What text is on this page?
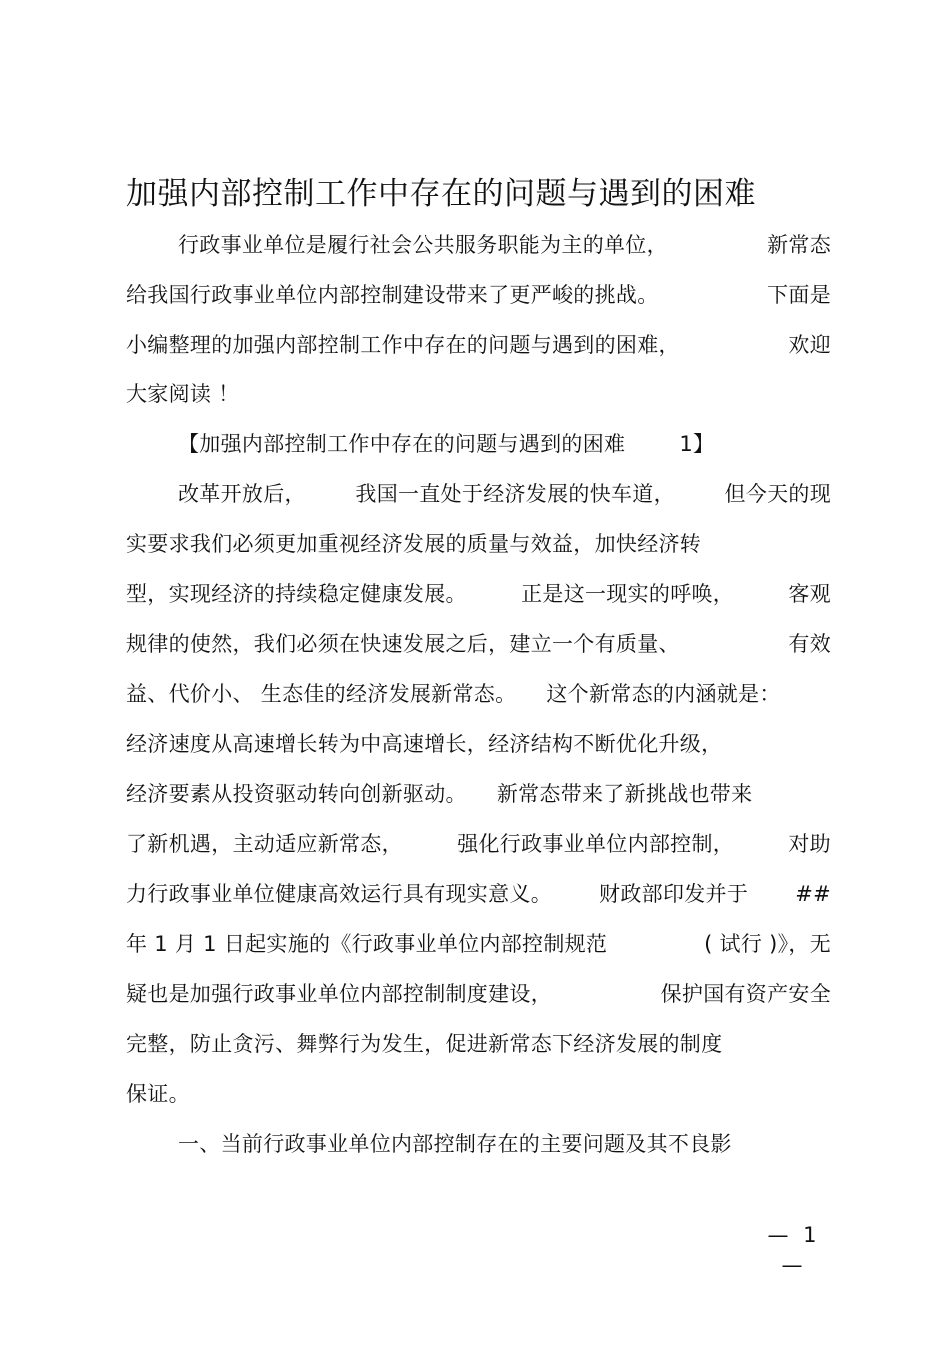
加强内部控制工作中存在的问题与遇到的困难
行政事业单位是履行社会公共服务职能为主的单位，	新常态
给我国行政事业单位内部控制建设带来了更严峻的挑战。	下面是
小编整理的加强内部控制工作中存在的问题与遇到的困难，	欢迎
大家阅读 ！
【加强内部控制工作中存在的问题与遇到的困难	1】
改革开放后， 我国一直处于经济发展的快车道， 但今天的现
实要求我们必须更加重视经济发展的质量与效益，加快经济转
型，实现经济的持续稳定健康发展。	正是这一现实的呼唤，	客观
规律的使然，我们必须在快速发展之后，建立一个有质量、	有效
益、代价小、 生态佳的经济发展新常态。 这个新常态的内涵就是：
经济速度从高速增长转为中高速增长，经济结构不断优化升级，
经济要素从投资驱动转向创新驱动。 新常态带来了新挑战也带来
了新机遇，主动适应新常态，	强化行政事业单位内部控制，	对助
力行政事业单位健康高效运行具有现实意义。 财政部印发并于 ##
年 1 月 1 日起实施的《行政事业单位内部控制规范	( 试行 )》，无
疑也是加强行政事业单位内部控制制度建设，	保护国有资产安全
完整，防止贪污、舞弊行为发生，促进新常态下经济发展的制度
保证。
一、当前行政事业单位内部控制存在的主要问题及其不良影
— 1 —
